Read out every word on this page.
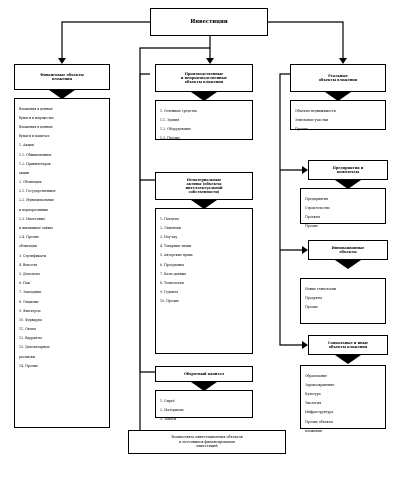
Инвестиции
Финансовые объекты
вложения

Вложения в ценные

бумаги и имущество

Вложения в ценные

бумаги и капитал:

1. Акции

1.1. Обыкновенные

1.2. Привилегиров.

акции

2. Облигации

2.1. Государственные

2.2. Муниципальные

и корпоративные

2.3. Ипотечные

и жилищные займы

2.4. Прочие

облигации

3. Сертификаты

4. Векселя

5. Депозиты

6. Паи

7. Закладные

8. Опционы

9. Фьючерсы

10. Форварды

11. Свопы

12. Варранты

13. Депозитарные

расписки

14. Прочие

Производственные
и непроизводственные
объекты вложения

1. Основные средства

1.1. Здания

1.2. Оборудование

1.3. Прочие

Нематериальные
активы (объекты
интеллектуальной
собственности)

1. Патенты

2. Лицензии

3. Ноу-хау

4. Товарные знаки

5. Авторские права

6. Программы

7. Базы данных

8. Технологии

9. Гудвилл

10. Прочие

Оборотный капитал

1. Сырьё

2. Материалы

3. Запасы

Реальные
объекты вложения

Объекты недвижимости

Земельные участки

Прочие

Предприятия и
комплексы

Предприятия

Строительство

Проекты

Прочие

Инновационные
объекты

Новые технологии

Продукты

Прочие

Социальные и иные
объекты вложения

Образование

Здравоохранение

Культура

Экология

Инфраструктура

Прочие объекты

вложения

Взаимосвязь инвестиционных объектов
и источников финансирования
инвестиций
